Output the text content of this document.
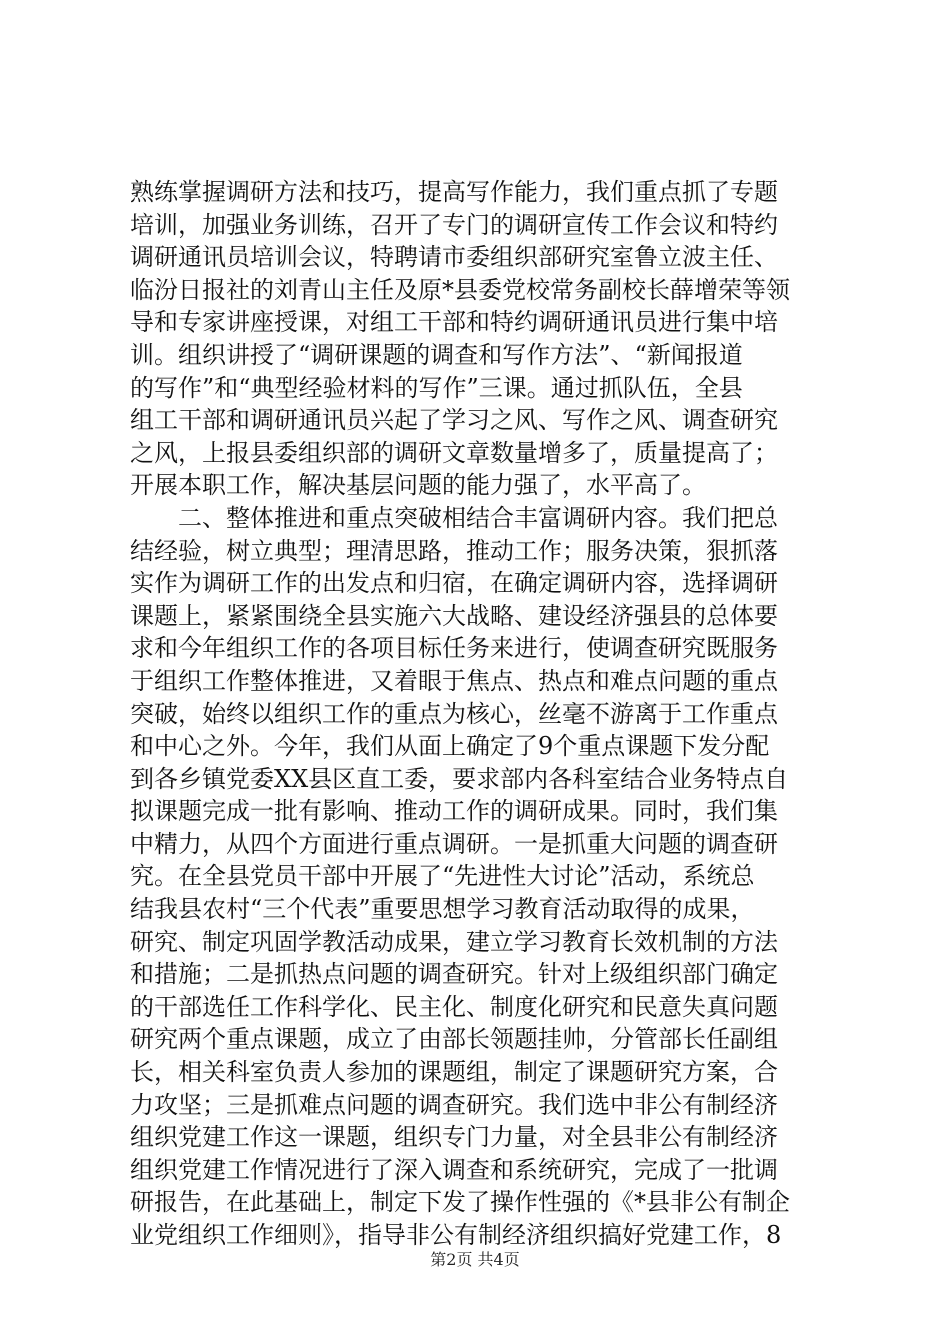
熟练掌握调研方法和技巧，提高写作能力，我们重点抓了专题
培训，加强业务训练，召开了专门的调研宣传工作会议和特约
调研通讯员培训会议，特聘请市委组织部研究室鲁立波主任、
临汾日报社的刘青山主任及原*县委党校常务副校长薛增荣等领
导和专家讲座授课，对组工干部和特约调研通讯员进行集中培
训。组织讲授了“调研课题的调查和写作方法”、“新闻报道
的写作”和“典型经验材料的写作”三课。通过抓队伍，全县
组工干部和调研通讯员兴起了学习之风、写作之风、调查研究
之风，上报县委组织部的调研文章数量增多了，质量提高了；
开展本职工作，解决基层问题的能力强了，水平高了。
　　二、整体推进和重点突破相结合丰富调研内容。我们把总
结经验，树立典型；理清思路，推动工作；服务决策，狠抓落
实作为调研工作的出发点和归宿，在确定调研内容，选择调研
课题上，紧紧围绕全县实施六大战略、建设经济强县的总体要
求和今年组织工作的各项目标任务来进行，使调查研究既服务
于组织工作整体推进，又着眼于焦点、热点和难点问题的重点
突破，始终以组织工作的重点为核心，丝毫不游离于工作重点
和中心之外。今年，我们从面上确定了9个重点课题下发分配
到各乡镇党委XX县区直工委，要求部内各科室结合业务特点自
拟课题完成一批有影响、推动工作的调研成果。同时，我们集
中精力，从四个方面进行重点调研。一是抓重大问题的调查研
究。在全县党员干部中开展了“先进性大讨论”活动，系统总
结我县农村“三个代表”重要思想学习教育活动取得的成果，
研究、制定巩固学教活动成果，建立学习教育长效机制的方法
和措施；二是抓热点问题的调查研究。针对上级组织部门确定
的干部选任工作科学化、民主化、制度化研究和民意失真问题
研究两个重点课题，成立了由部长领题挂帅，分管部长任副组
长，相关科室负责人参加的课题组，制定了课题研究方案，合
力攻坚；三是抓难点问题的调查研究。我们选中非公有制经济
组织党建工作这一课题，组织专门力量，对全县非公有制经济
组织党建工作情况进行了深入调查和系统研究，完成了一批调
研报告，在此基础上，制定下发了操作性强的《*县非公有制企
业党组织工作细则》，指导非公有制经济组织搞好党建工作，8
第2页 共4页
